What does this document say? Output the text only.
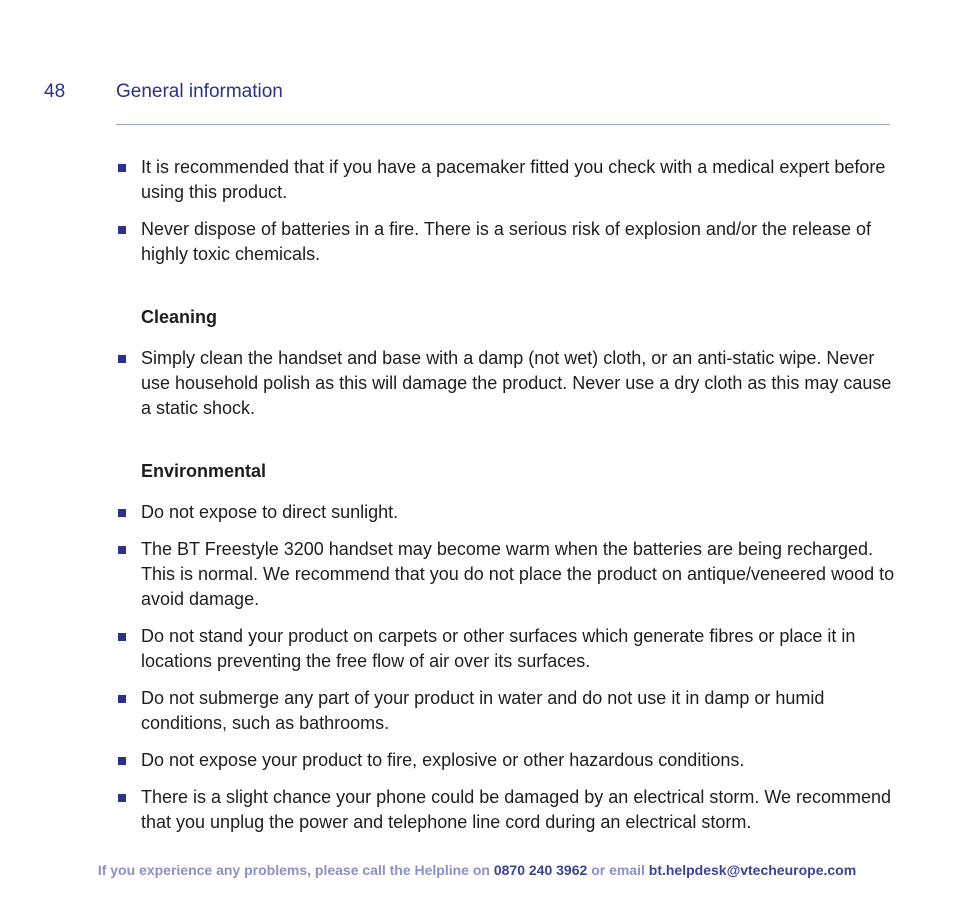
48	General information
It is recommended that if you have a pacemaker fitted you check with a medical expert before using this product.
Never dispose of batteries in a fire. There is a serious risk of explosion and/or the release of highly toxic chemicals.
Cleaning
Simply clean the handset and base with a damp (not wet) cloth, or an anti-static wipe. Never use household polish as this will damage the product. Never use a dry cloth as this may cause a static shock.
Environmental
Do not expose to direct sunlight.
The BT Freestyle 3200 handset may become warm when the batteries are being recharged. This is normal. We recommend that you do not place the product on antique/veneered wood to avoid damage.
Do not stand your product on carpets or other surfaces which generate fibres or place it in locations preventing the free flow of air over its surfaces.
Do not submerge any part of your product in water and do not use it in damp or humid conditions, such as bathrooms.
Do not expose your product to fire, explosive or other hazardous conditions.
There is a slight chance your phone could be damaged by an electrical storm. We recommend that you unplug the power and telephone line cord during an electrical storm.
If you experience any problems, please call the Helpline on 0870 240 3962 or email bt.helpdesk@vtecheurope.com
